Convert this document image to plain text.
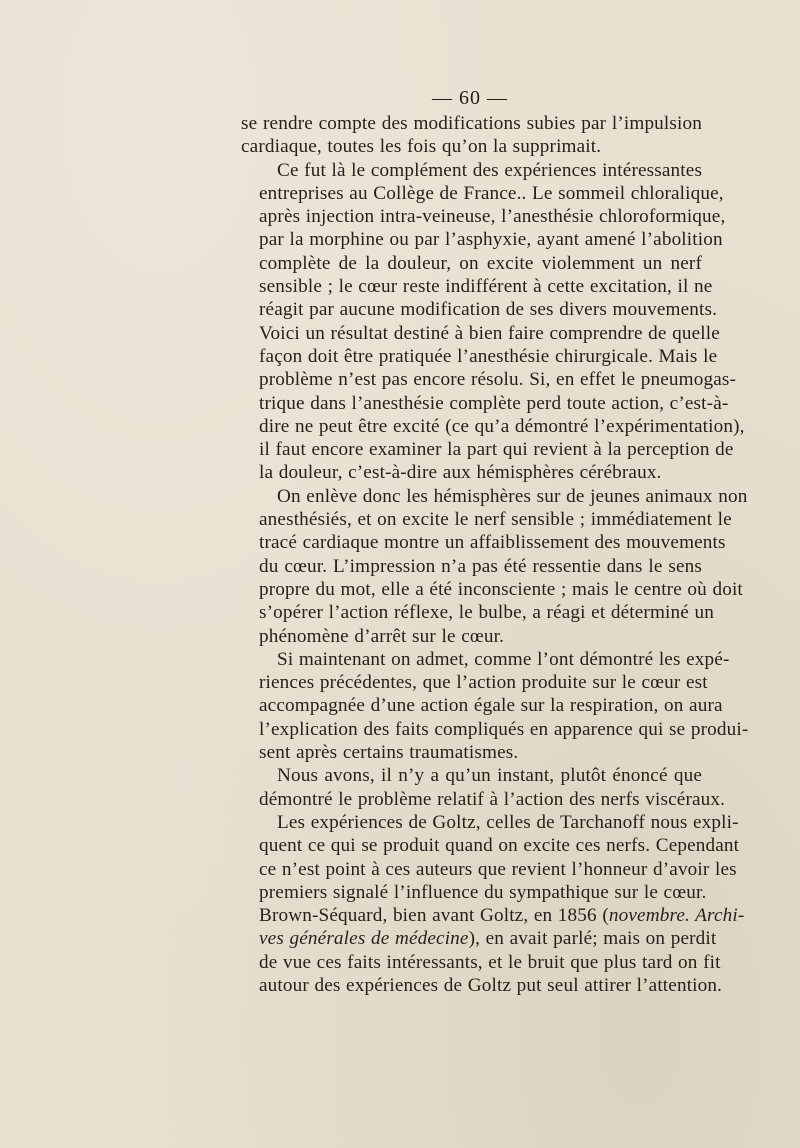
— 60 —

se rendre compte des modifications subies par l’impulsion
cardiaque, toutes les fois qu’on la supprimait.

Ce fut là le complément des expériences intéressantes
entreprises au Collège de France.. Le sommeil chloralique,
après injection intra-veineuse, l’anesthésie chloroformique,
par la morphine ou par l’asphyxie, ayant amené l’abolition
complète de la douleur, on excite violemment un nerf
sensible ; le cœur reste indifférent à cette excitation, il ne
réagit par aucune modification de ses divers mouvements.
Voici un résultat destiné à bien faire comprendre de quelle
façon doit être pratiquée l’anesthésie chirurgicale. Mais le
problème n’est pas encore résolu. Si, en effet le pneumogas-
trique dans l’anesthésie complète perd toute action, c’est-à-
dire ne peut être excité (ce qu’a démontré l’expérimentation),
il faut encore examiner la part qui revient à la perception de
la douleur, c’est-à-dire aux hémisphères cérébraux.

On enlève donc les hémisphères sur de jeunes animaux non
anesthésiés, et on excite le nerf sensible ; immédiatement le
tracé cardiaque montre un affaiblissement des mouvements
du cœur. L’impression n’a pas été ressentie dans le sens
propre du mot, elle a été inconsciente ; mais le centre où doit
s’opérer l’action réflexe, le bulbe, a réagi et déterminé un
phénomène d’arrêt sur le cœur.

Si maintenant on admet, comme l’ont démontré les expé-
riences précédentes, que l’action produite sur le cœur est
accompagnée d’une action égale sur la respiration, on aura
l’explication des faits compliqués en apparence qui se produi-
sent après certains traumatismes.

Nous avons, il n’y a qu’un instant, plutôt énoncé que
démontré le problème relatif à l’action des nerfs viscéraux.

Les expériences de Goltz, celles de Tarchanoff nous expli-
quent ce qui se produit quand on excite ces nerfs. Cependant
ce n’est point à ces auteurs que revient l’honneur d’avoir les
premiers signalé l’influence du sympathique sur le cœur.
Brown-Séquard, bien avant Goltz, en 1856 (novembre. Archi-
ves générales de médecine), en avait parlé; mais on perdit
de vue ces faits intéressants, et le bruit que plus tard on fit
autour des expériences de Goltz put seul attirer l’attention.
